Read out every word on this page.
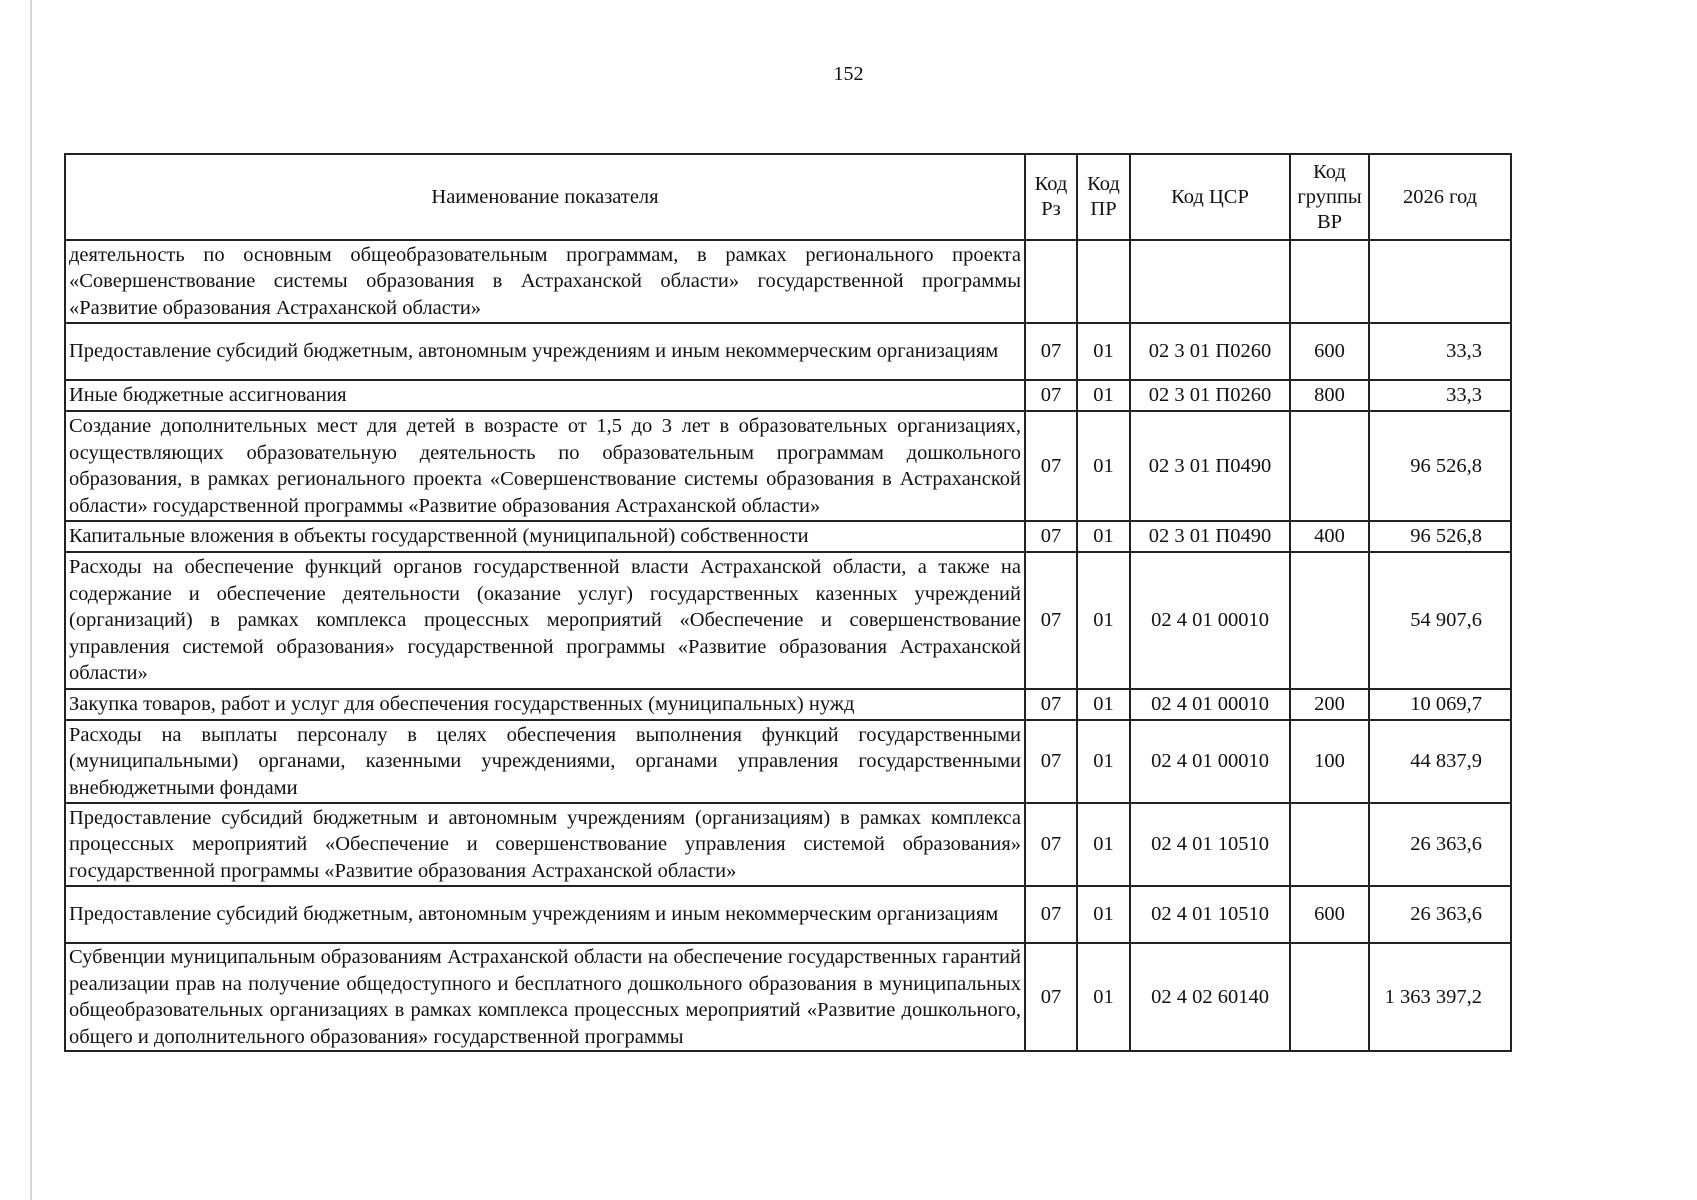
152
Наименование показателя	Код Рз	Код ПР	Код ЦСР	Код группы ВР	2026 год
деятельность по основным общеобразовательным программам, в рамках регионального проекта «Совершенствование системы образования в Астраханской области» государственной программы «Развитие образования Астраханской области»					
Предоставление субсидий бюджетным, автономным учреждениям и иным некоммерческим организациям	07	01	02 3 01 П0260	600	33,3
Иные бюджетные ассигнования	07	01	02 3 01 П0260	800	33,3
Создание дополнительных мест для детей в возрасте от 1,5 до 3 лет в образовательных организациях, осуществляющих образовательную деятельность по образовательным программам дошкольного образования, в рамках регионального проекта «Совершенствование системы образования в Астраханской области» государственной программы «Развитие образования Астраханской области»	07	01	02 3 01 П0490		96 526,8
Капитальные вложения в объекты государственной (муниципальной) собственности	07	01	02 3 01 П0490	400	96 526,8
Расходы на обеспечение функций органов государственной власти Астраханской области, а также на содержание и обеспечение деятельности (оказание услуг) государственных казенных учреждений (организаций) в рамках комплекса процессных мероприятий «Обеспечение и совершенствование управления системой образования» государственной программы «Развитие образования Астраханской области»	07	01	02 4 01 00010		54 907,6
Закупка товаров, работ и услуг для обеспечения государственных (муниципальных) нужд	07	01	02 4 01 00010	200	10 069,7
Расходы на выплаты персоналу в целях обеспечения выполнения функций государственными (муниципальными) органами, казенными учреждениями, органами управления государственными внебюджетными фондами	07	01	02 4 01 00010	100	44 837,9
Предоставление субсидий бюджетным и автономным учреждениям (организациям) в рамках комплекса процессных мероприятий «Обеспечение и совершенствование управления системой образования» государственной программы «Развитие образования Астраханской области»	07	01	02 4 01 10510		26 363,6
Предоставление субсидий бюджетным, автономным учреждениям и иным некоммерческим организациям	07	01	02 4 01 10510	600	26 363,6
Субвенции муниципальным образованиям Астраханской области на обеспечение государственных гарантий реализации прав на получение общедоступного и бесплатного дошкольного образования в муниципальных общеобразовательных организациях в рамках комплекса процессных мероприятий «Развитие дошкольного, общего и дополнительного образования» государственной программы	07	01	02 4 02 60140		1 363 397,2
